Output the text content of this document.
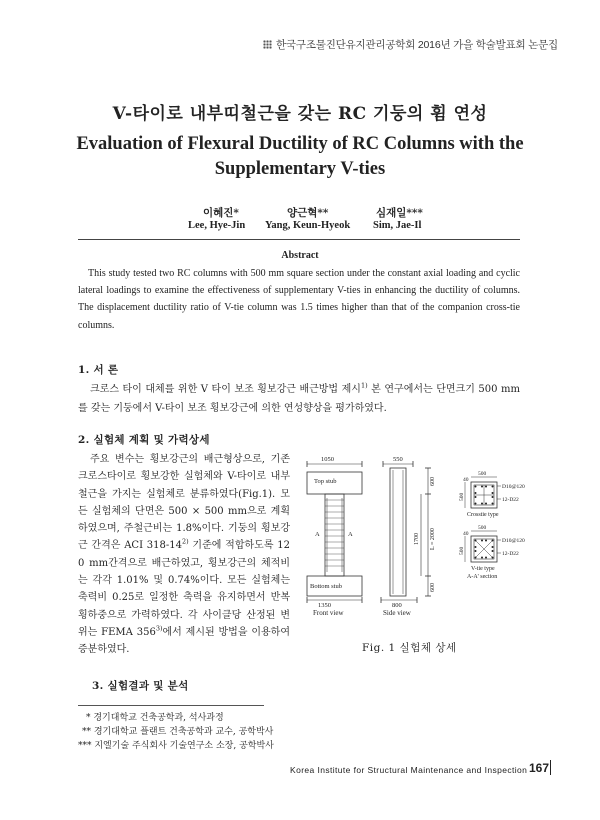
한국구조물진단유지관리공학회 2016년 가을 학술발표회 논문집
V-타이로 내부띠철근을 갖는 RC 기둥의 휨 연성
Evaluation of Flexural Ductility of RC Columns with the
Supplementary V-ties
이혜진*	양근혁**	심재일***
Lee, Hye-Jin Yang, Keun-Hyeok Sim, Jae-Il
Abstract
This study tested two RC columns with 500 mm square section under the constant axial loading and cyclic lateral loadings to examine the effectiveness of supplementary V-ties in enhancing the ductility of columns. The displacement ductility ratio of V-tie column was 1.5 times higher than that of the companion cross-tie columns.
1. 서 론
크로스 타이 대체를 위한 V 타이 보조 횡보강근 배근방법 제시$^{1)}$ 본 연구에서는 단면크기 500 mm를 갖는 기둥에서 V-타이 보조 횡보강근에 의한 연성향상을 평가하였다.
2. 실험체 계획 및 가력상세
주요 변수는 횡보강근의 배근형상으로, 기존 크로스타이로 횡보강한 실험체와 V-타이로 내부철근을 가지는 실험체로 분류하였다(Fig.1). 모든 실험체의 단면은 500 × 500 mm으로 계획하였으며, 주철근비는 1.8%이다. 기둥의 횡보강근 간격은 ACI 318-14$^{2)}$ 기준에 적합하도록 120 mm간격으로 배근하였고, 횡보강근의 체적비는 각각 1.01% 및 0.74%이다. 모든 실험체는 축력비 0.25로 일정한 축력을 유지하면서 반복 횡하중으로 가력하였다. 각 사이클당 산정된 변위는 FEMA 356$^{3)}$에서 제시된 방법을 이용하여 증분하였다.
1050
Top stub
Bottom stub
A	A
1350
Front view
550
600
1700 L = 2000
600
800
Side view
40
500
500
D10@120
12-D22
Crosstie type
40
500
500
D10@120
12-D22
V-tie type
A-A' section
Fig. 1 실험체 상세
3. 실험결과 및 분석
* 경기대학교 건축공학과, 석사과정
** 경기대학교 플랜트 건축공학과 교수, 공학박사
*** 지엘기술 주식회사 기술연구소 소장, 공학박사
Korea Institute for Structural Maintenance and Inspection 167
